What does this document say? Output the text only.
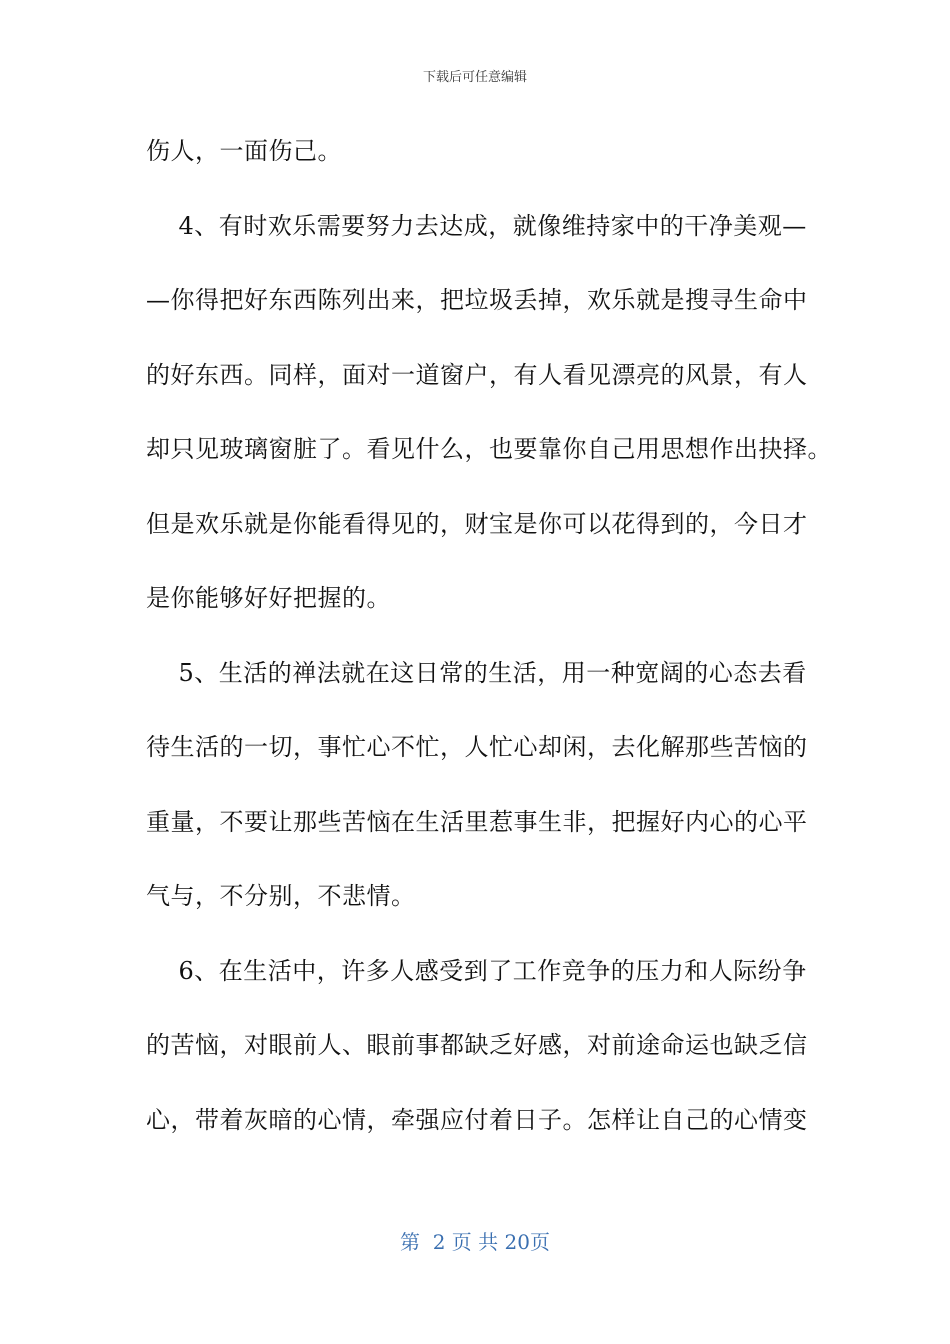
下载后可任意编辑
伤人，一面伤己。
4、有时欢乐需要努力去达成，就像维持家中的干净美观—
—你得把好东西陈列出来，把垃圾丢掉，欢乐就是搜寻生命中
的好东西。同样，面对一道窗户，有人看见漂亮的风景，有人
却只见玻璃窗脏了。看见什么，也要靠你自己用思想作出抉择。
但是欢乐就是你能看得见的，财宝是你可以花得到的，今日才
是你能够好好把握的。
5、生活的禅法就在这日常的生活，用一种宽阔的心态去看
待生活的一切，事忙心不忙，人忙心却闲，去化解那些苦恼的
重量，不要让那些苦恼在生活里惹事生非，把握好内心的心平
气与，不分别，不悲情。
6、在生活中，许多人感受到了工作竞争的压力和人际纷争
的苦恼，对眼前人、眼前事都缺乏好感，对前途命运也缺乏信
心，带着灰暗的心情，牵强应付着日子。怎样让自己的心情变
第  2 页 共 20页
